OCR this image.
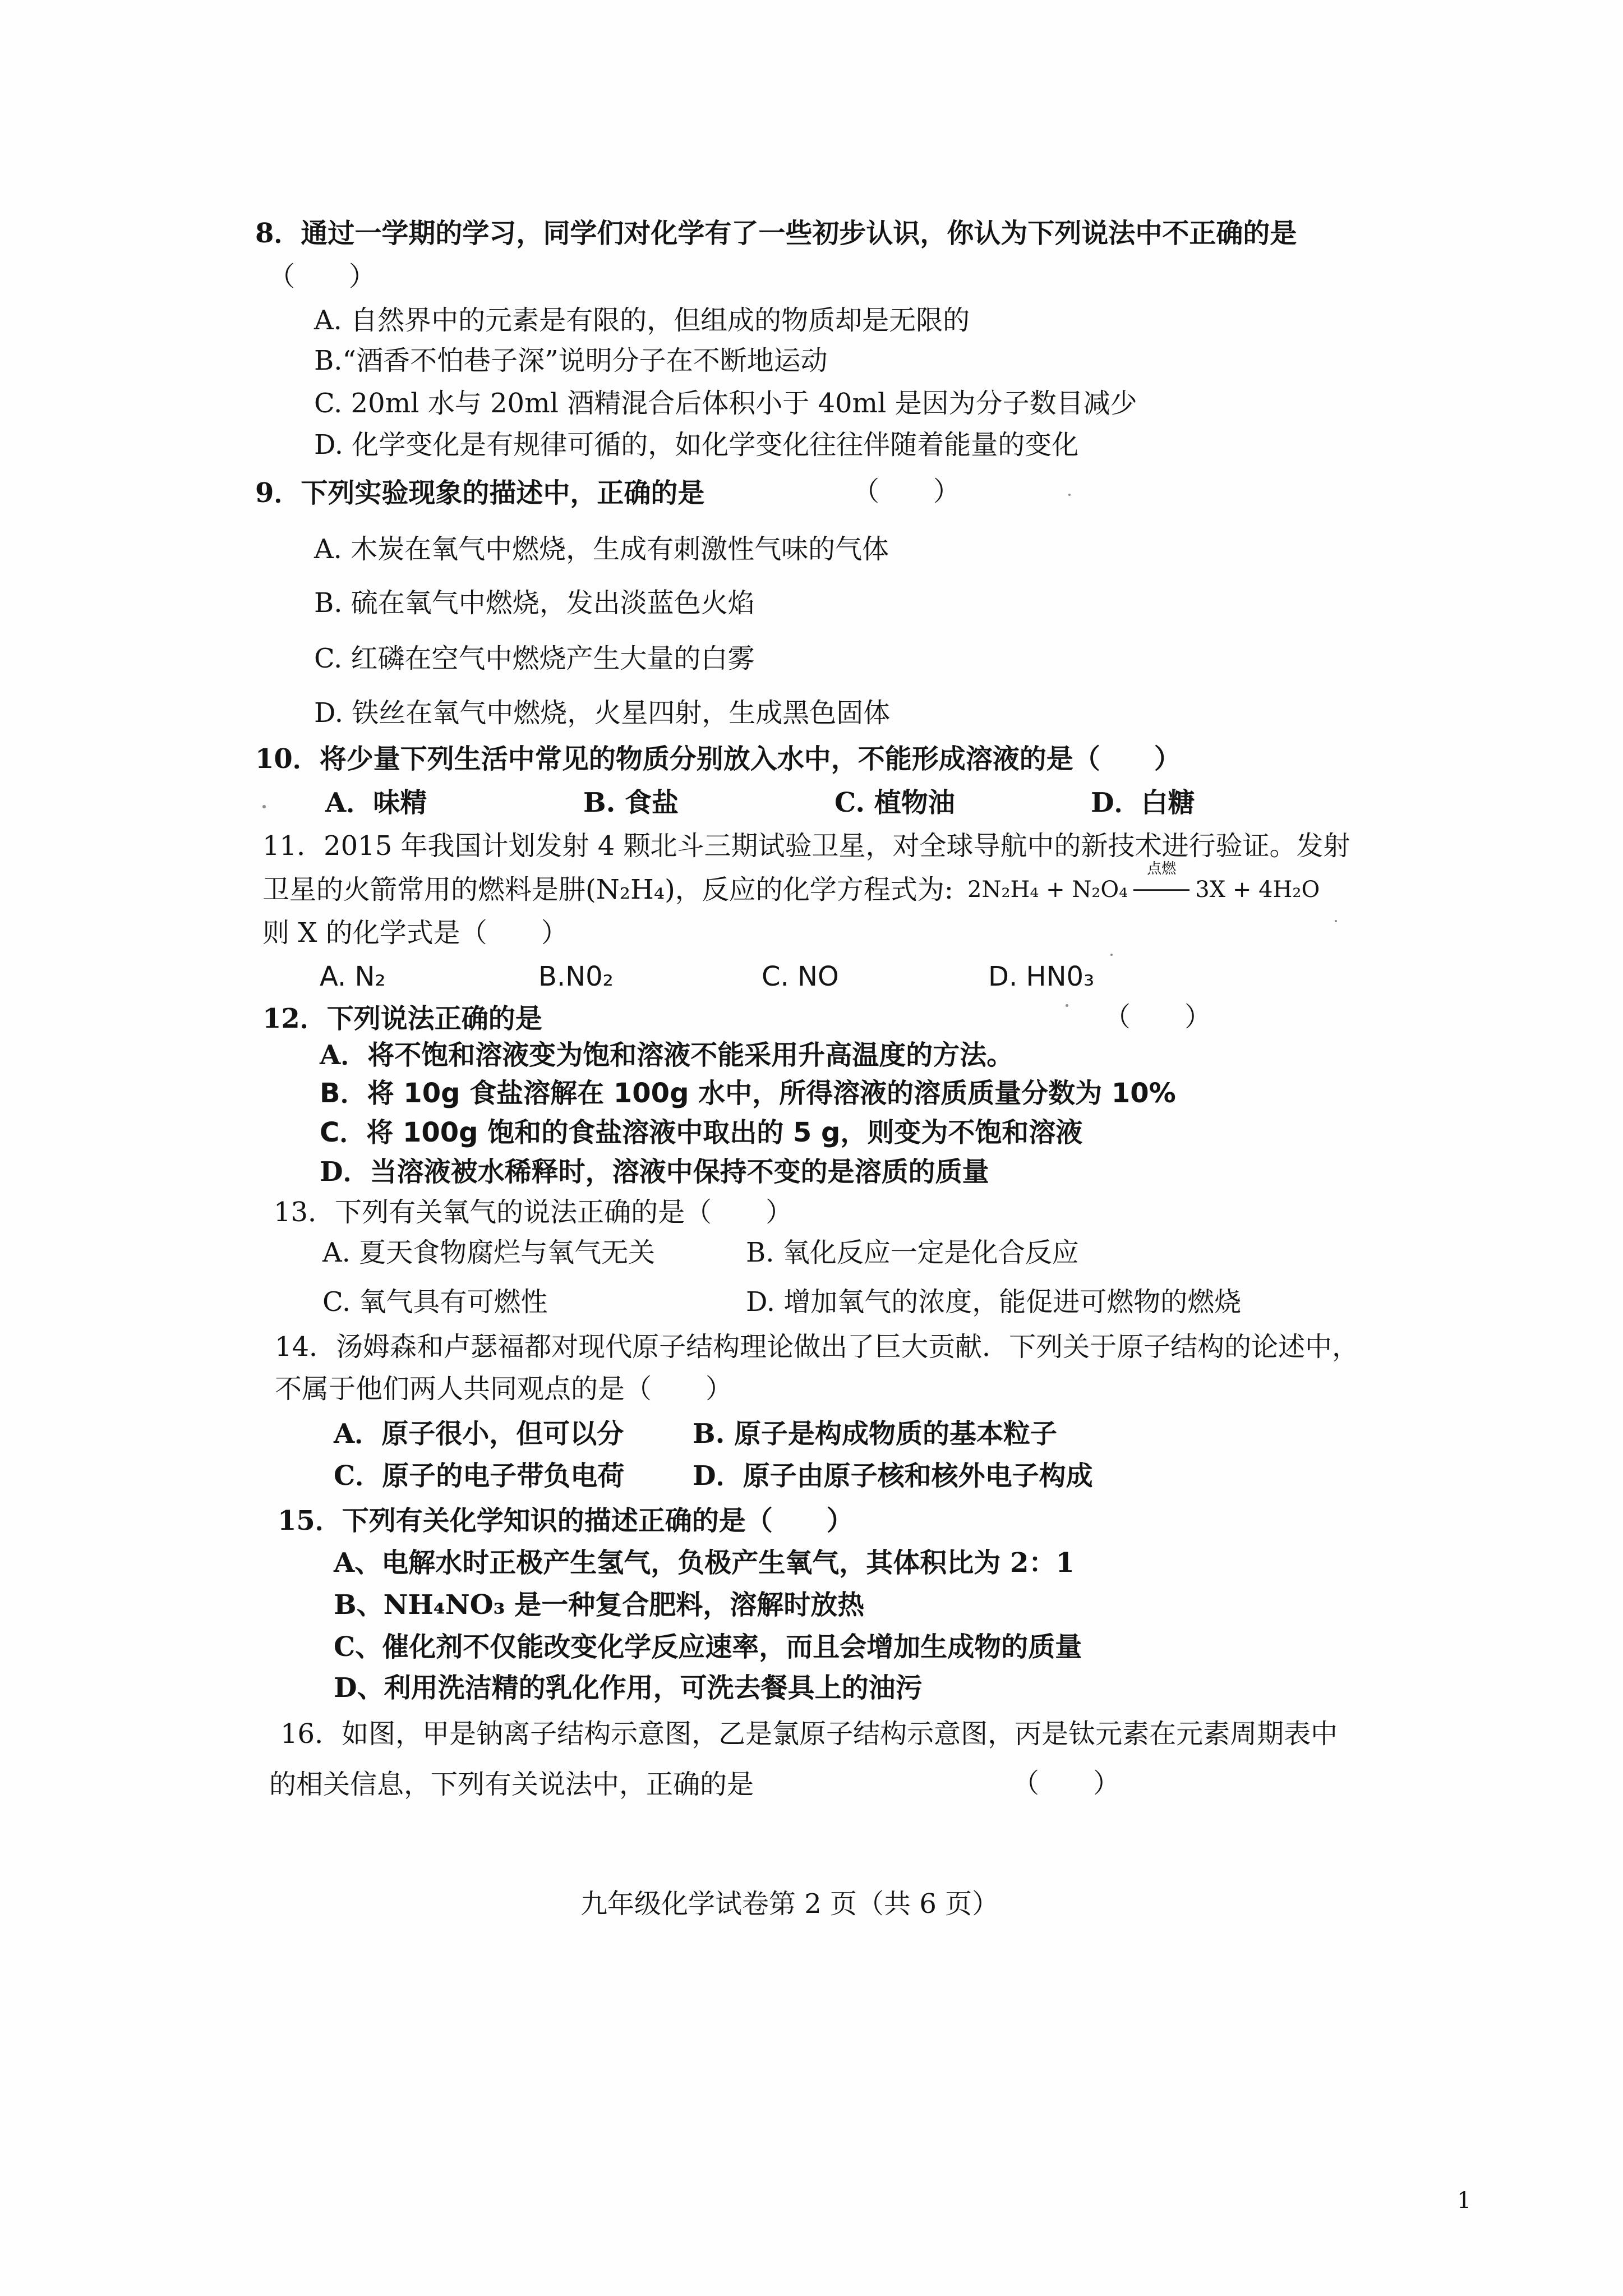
8．通过一学期的学习，同学们对化学有了一些初步认识，你认为下列说法中不正确的是
（　　）
A. 自然界中的元素是有限的，但组成的物质却是无限的
B.“酒香不怕巷子深”说明分子在不断地运动
C. 20ml 水与 20ml 酒精混合后体积小于 40ml 是因为分子数目减少
D. 化学变化是有规律可循的，如化学变化往往伴随着能量的变化
9．下列实验现象的描述中，正确的是	（　　）
A. 木炭在氧气中燃烧，生成有刺激性气味的气体
B. 硫在氧气中燃烧，发出淡蓝色火焰
C. 红磷在空气中燃烧产生大量的白雾
D. 铁丝在氧气中燃烧，火星四射，生成黑色固体
10．将少量下列生活中常见的物质分别放入水中，不能形成溶液的是（　　）
A．味精	B. 食盐	C. 植物油	D．白糖
11．2015 年我国计划发射 4 颗北斗三期试验卫星，对全球导航中的新技术进行验证。发射
卫星的火箭常用的燃料是肼(N₂H₄)，反应的化学方程式为: 2N₂H₄ + N₂O₄
点燃
3X + 4H₂O
则 X 的化学式是（　　）
A. N₂	B.N0₂	C. NO	D. HN0₃
12．下列说法正确的是	（　　）
A．将不饱和溶液变为饱和溶液不能采用升高温度的方法。
B．将 10g 食盐溶解在 100g 水中，所得溶液的溶质质量分数为 10%
C．将 100g 饱和的食盐溶液中取出的 5 g，则变为不饱和溶液
D．当溶液被水稀释时，溶液中保持不变的是溶质的质量
13．下列有关氧气的说法正确的是（　　）
A. 夏天食物腐烂与氧气无关	B. 氧化反应一定是化合反应
C. 氧气具有可燃性	D. 增加氧气的浓度，能促进可燃物的燃烧
14．汤姆森和卢瑟福都对现代原子结构理论做出了巨大贡献．下列关于原子结构的论述中，
不属于他们两人共同观点的是（　　）
A．原子很小，但可以分	B. 原子是构成物质的基本粒子
C．原子的电子带负电荷	D．原子由原子核和核外电子构成
15．下列有关化学知识的描述正确的是（　　）
A、电解水时正极产生氢气，负极产生氧气，其体积比为 2：1
B、NH₄NO₃ 是一种复合肥料，溶解时放热
C、催化剂不仅能改变化学反应速率，而且会增加生成物的质量
D、利用洗洁精的乳化作用，可洗去餐具上的油污
16．如图，甲是钠离子结构示意图，乙是氯原子结构示意图，丙是钛元素在元素周期表中
的相关信息，下列有关说法中，正确的是	（　　）
九年级化学试卷第 2 页（共 6 页）
1
